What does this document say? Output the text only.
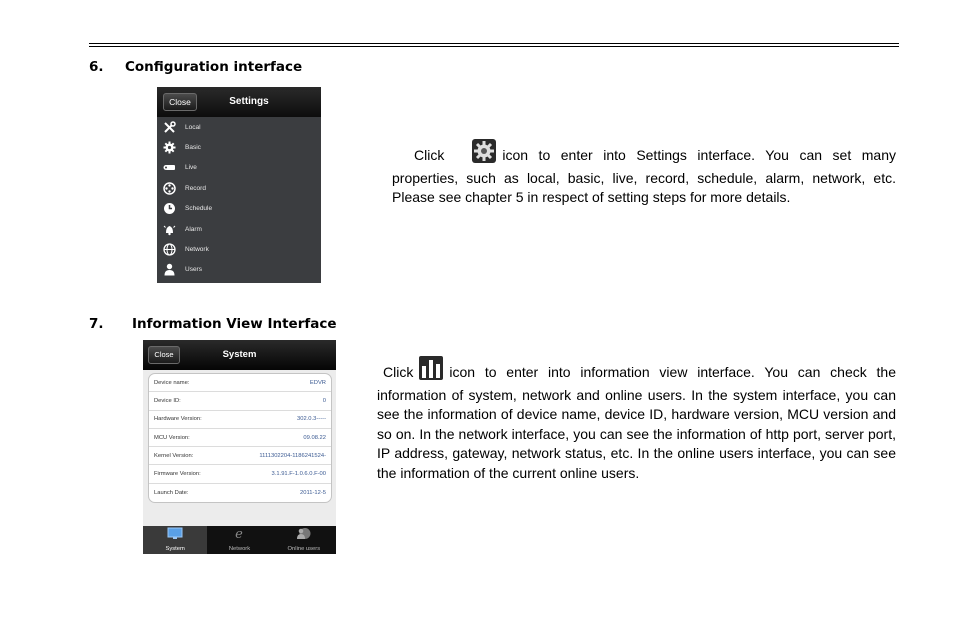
6. Configuration interface
Close	Settings
Local
Basic
Live
Record
Schedule
Alarm
Network
Users
Click	icon to enter into Settings interface. You can set many properties, such as local, basic, live, record, schedule, alarm, network, etc. Please see chapter 5 in respect of setting steps for more details.
7. Information View Interface
Close	System
Device name:	EDVR
Device ID:	0
Hardware Version:	302.0.3-----
MCU Version:	09.08.22
Kernel Version:	1111302204-1186241524-
Firmware Version:	3.1.91.F-1.0.6.0.F-00
Launch Date:	2011-12-5
System
e
Network	Online users
Click	icon to enter into information view interface. You can check the information of system, network and online users. In the system interface, you can see the information of device name, device ID, hardware version, MCU version and so on. In the network interface, you can see the information of http port, server port, IP address, gateway, network status, etc. In the online users interface, you can see the information of the current online users.
